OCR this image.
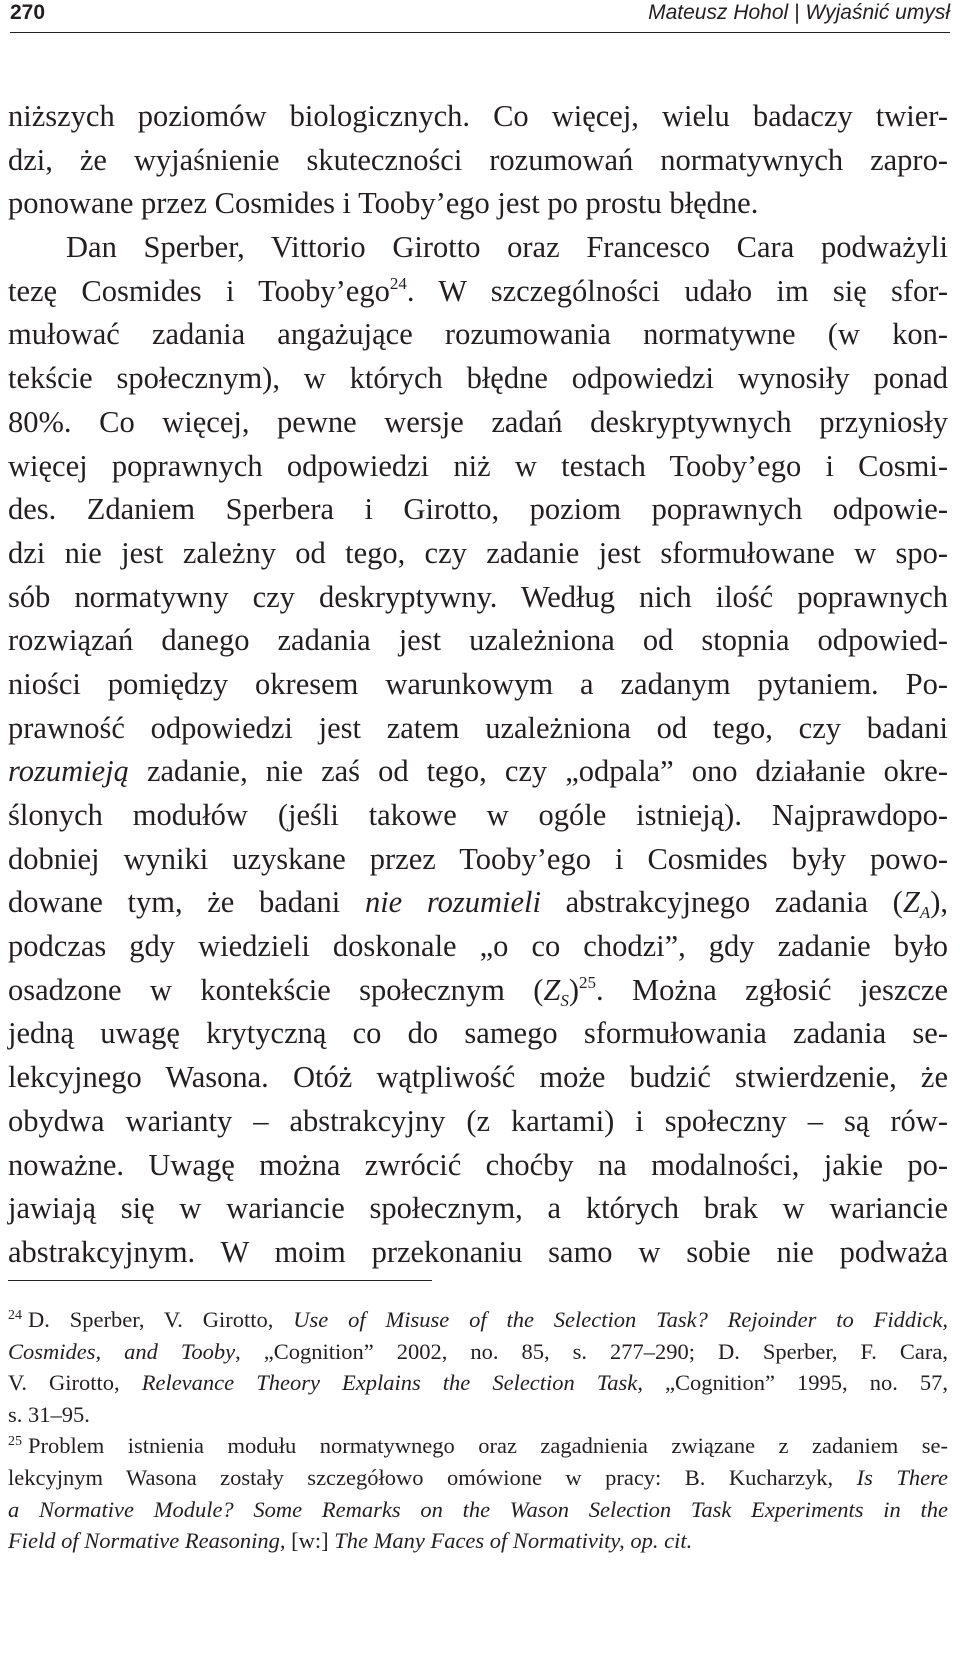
270	Mateusz Hohol | Wyjaśnić umysł
niższych poziomów biologicznych. Co więcej, wielu badaczy twier-
dzi, że wyjaśnienie skuteczności rozumowań normatywnych zapro-
ponowane przez Cosmides i Tooby’ego jest po prostu błędne.
Dan Sperber, Vittorio Girotto oraz Francesco Cara podważyli
tezę Cosmides i Tooby’ego$^{24}$. W szczególności udało im się sfor-
mułować zadania angażujące rozumowania normatywne (w kon-
tekście społecznym), w których błędne odpowiedzi wynosiły ponad
80%. Co więcej, pewne wersje zadań deskryptywnych przyniosły
więcej poprawnych odpowiedzi niż w testach Tooby’ego i Cosmi-
des. Zdaniem Sperbera i Girotto, poziom poprawnych odpowie-
dzi nie jest zależny od tego, czy zadanie jest sformułowane w spo-
sób normatywny czy deskryptywny. Według nich ilość poprawnych
rozwiązań danego zadania jest uzależniona od stopnia odpowied-
niości pomiędzy okresem warunkowym a zadanym pytaniem. Po-
prawność odpowiedzi jest zatem uzależniona od tego, czy badani
rozumieją zadanie, nie zaś od tego, czy „odpala” ono działanie okre-
ślonych modułów (jeśli takowe w ogóle istnieją). Najprawdopo-
dobniej wyniki uzyskane przez Tooby’ego i Cosmides były powo-
dowane tym, że badani nie rozumieli abstrakcyjnego zadania $(Z_A)$,
podczas gdy wiedzieli doskonale „o co chodzi”, gdy zadanie było
osadzone w kontekście społecznym $(Z_S)^{25}$. Można zgłosić jeszcze
jedną uwagę krytyczną co do samego sformułowania zadania se-
lekcyjnego Wasona. Otóż wątpliwość może budzić stwierdzenie, że
obydwa warianty – abstrakcyjny (z kartami) i społeczny – są rów-
noważne. Uwagę można zwrócić choćby na modalności, jakie po-
jawiają się w wariancie społecznym, a których brak w wariancie
abstrakcyjnym. W moim przekonaniu samo w sobie nie podważa
$^{24}$ D. Sperber, V. Girotto, Use of Misuse of the Selection Task? Rejoinder to Fiddick,
Cosmides, and Tooby, „Cognition” 2002, no. 85, s. 277–290; D. Sperber, F. Cara,
V. Girotto, Relevance Theory Explains the Selection Task, „Cognition” 1995, no. 57,
s. 31–95.
$^{25}$ Problem istnienia modułu normatywnego oraz zagadnienia związane z zadaniem se-
lekcyjnym Wasona zostały szczegółowo omówione w pracy: B. Kucharzyk, Is There
a Normative Module? Some Remarks on the Wason Selection Task Experiments in the
Field of Normative Reasoning, [w:] The Many Faces of Normativity, op. cit.
